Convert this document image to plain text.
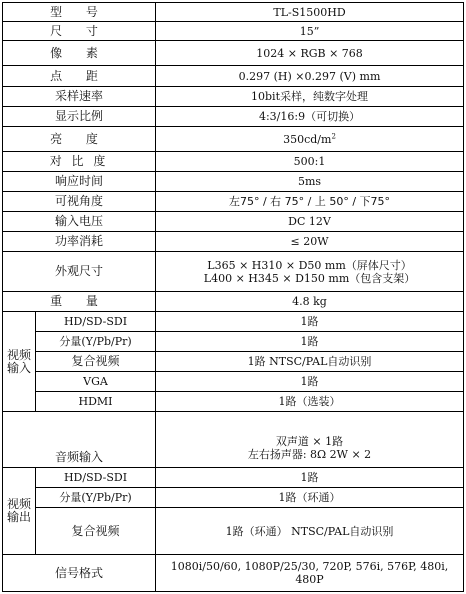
型 号		TL-S1500HD
尺 寸		15”
像 素		1024 × RGB × 768
点 距		0.297 (H) ×0.297 (V) mm
采样速率		10bit采样，纯数字处理
显示比例		4:3/16:9（可切换）
亮 度		$350cd/m^2$
对 比 度		500:1
响应时间		5ms
可视角度		左75° / 右 75° / 上 50° / 下75°
输入电压		DC 12V
功率消耗		≤ 20W
外观尺寸		L365 × H310 × D50 mm（屏体尺寸）
L400 × H345 × D150 mm（包含支架）

重 量		4.8 kg

视频
输入	HD/SD-SDI	1路
	分量(Y/Pb/Pr)	1路
	复合视频	1路 NTSC/PAL自动识别
	VGA	1路
	HDMI	1路（选装）
音频输入		双声道 × 1路
左右扬声器: 8Ω 2W × 2

视频
输出	HD/SD-SDI	1路
	分量(Y/Pb/Pr)	1路（环通）
	复合视频	1路（环通） NTSC/PAL自动识别
信号格式		1080i/50/60, 1080P/25/30, 720P, 576i, 576P, 480i,
480P
